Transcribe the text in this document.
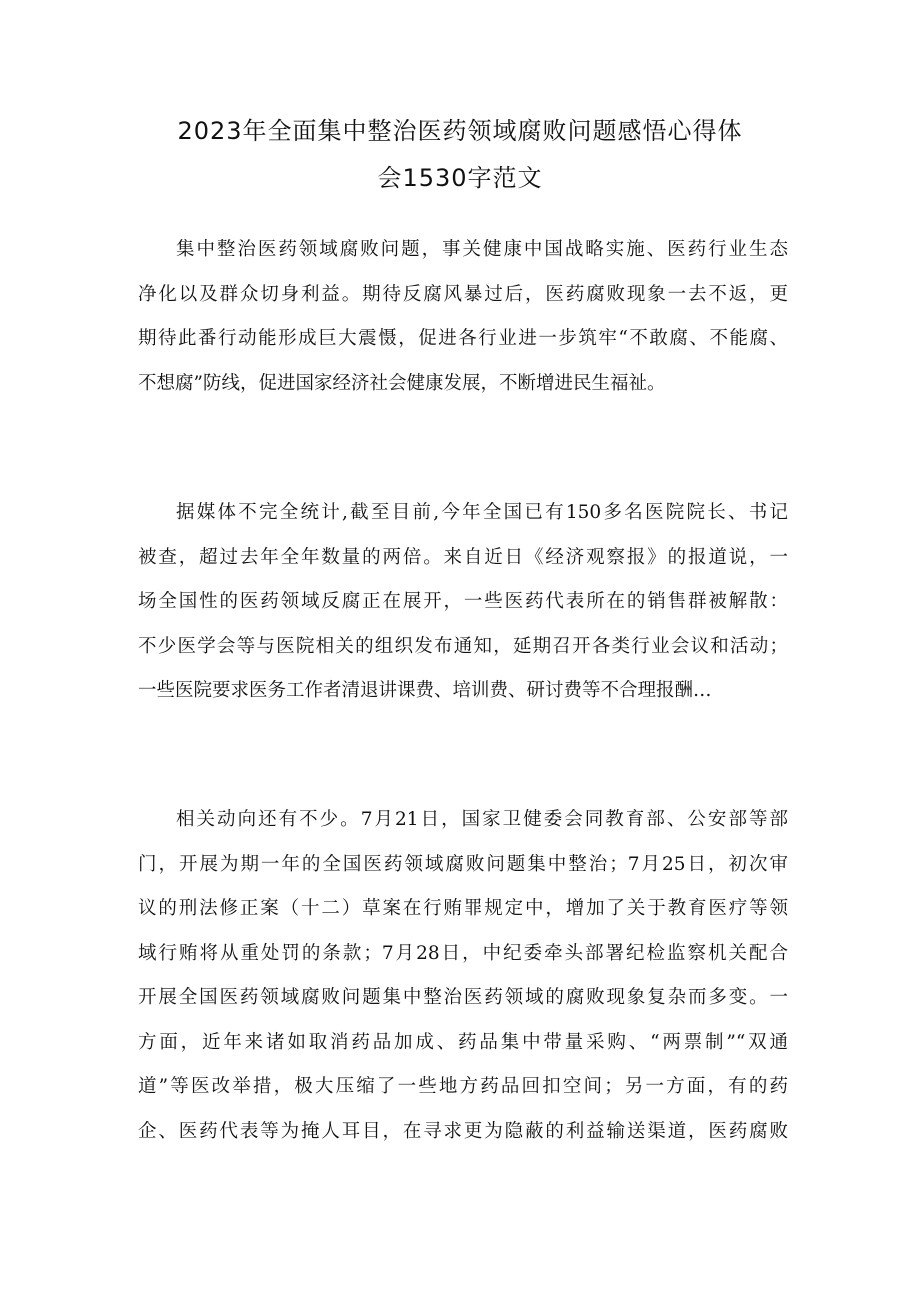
2023年全面集中整治医药领域腐败问题感悟心得体
会1530字范文
集中整治医药领域腐败问题，事关健康中国战略实施、医药行业生态
净化以及群众切身利益。期待反腐风暴过后，医药腐败现象一去不返，更
期待此番行动能形成巨大震慑，促进各行业进一步筑牢“不敢腐、不能腐、
不想腐”防线，促进国家经济社会健康发展，不断增进民生福祉。
据媒体不完全统计,截至目前,今年全国已有150多名医院院长、书记
被查，超过去年全年数量的两倍。来自近日《经济观察报》的报道说，一
场全国性的医药领域反腐正在展开，一些医药代表所在的销售群被解散：
不少医学会等与医院相关的组织发布通知，延期召开各类行业会议和活动；
一些医院要求医务工作者清退讲课费、培训费、研讨费等不合理报酬…
相关动向还有不少。7月21日，国家卫健委会同教育部、公安部等部
门，开展为期一年的全国医药领域腐败问题集中整治；7月25日，初次审
议的刑法修正案（十二）草案在行贿罪规定中，增加了关于教育医疗等领
域行贿将从重处罚的条款；7月28日，中纪委牵头部署纪检监察机关配合
开展全国医药领域腐败问题集中整治医药领域的腐败现象复杂而多变。一
方面，近年来诸如取消药品加成、药品集中带量采购、“两票制”“双通
道”等医改举措，极大压缩了一些地方药品回扣空间；另一方面，有的药
企、医药代表等为掩人耳目，在寻求更为隐蔽的利益输送渠道，医药腐败
